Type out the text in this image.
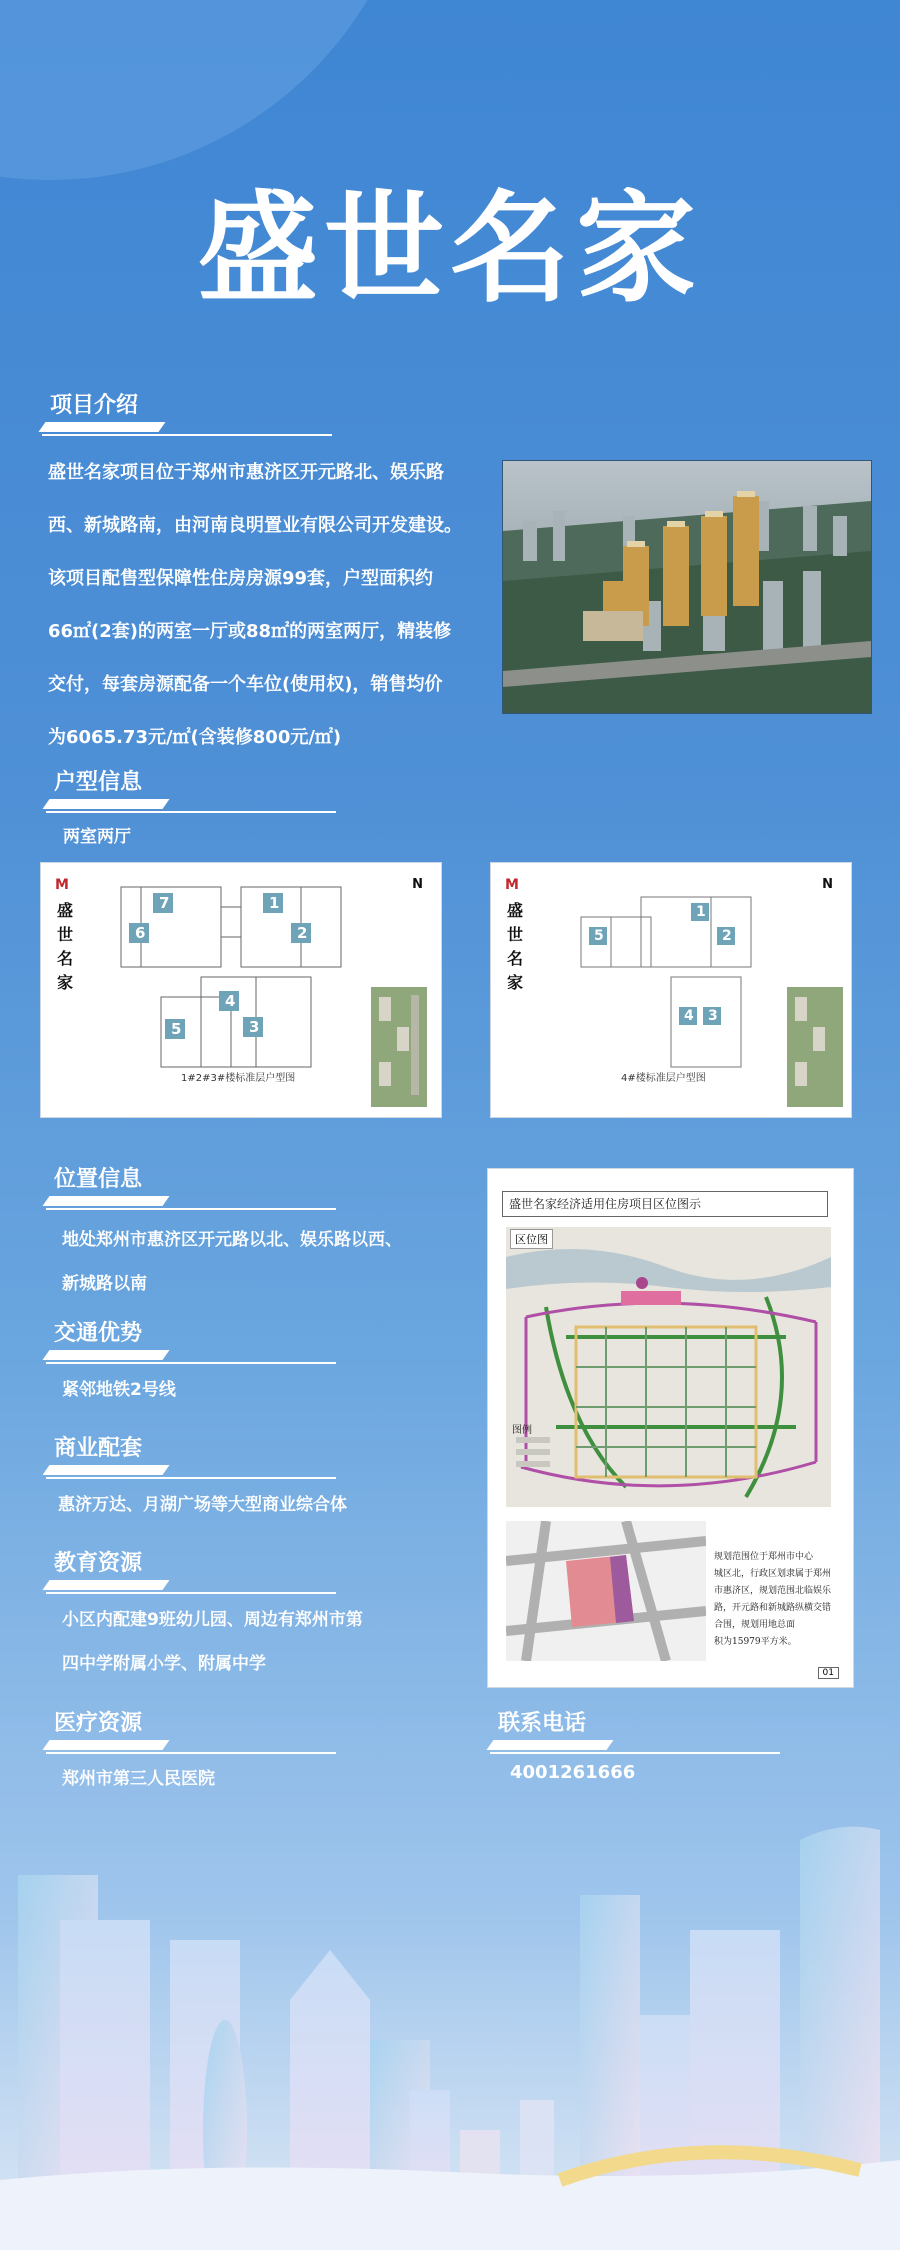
盛世名家
项目介绍
盛世名家项目位于郑州市惠济区开元路北、娱乐路
西、新城路南，由河南良明置业有限公司开发建设。
该项目配售型保障性住房房源99套，户型面积约
66㎡(2套)的两室一厅或88㎡的两室两厅，精装修
交付，每套房源配备一个车位(使用权)，销售均价
为6065.73元/㎡(含装修800元/㎡)
户型信息
两室两厅
M
盛世名家
N
7	1
6	2
4
5	3
1#2#3#楼标准层户型图
M
盛世名家
N
1
5	2
4 3
4#楼标准层户型图
位置信息
地处郑州市惠济区开元路以北、娱乐路以西、
新城路以南
交通优势
紧邻地铁2号线
商业配套
惠济万达、月湖广场等大型商业综合体
教育资源
小区内配建9班幼儿园、周边有郑州市第
四中学附属小学、附属中学
医疗资源
郑州市第三人民医院
联系电话
4001261666
盛世名家经济适用住房项目区位图示
区位图
图例
规划范围位于郑州市中心
城区北，行政区划隶属于郑州
市惠济区，规划范围北临娱乐
路，开元路和新城路纵横交错
合围，规划用地总面
积为15979平方米。
01
